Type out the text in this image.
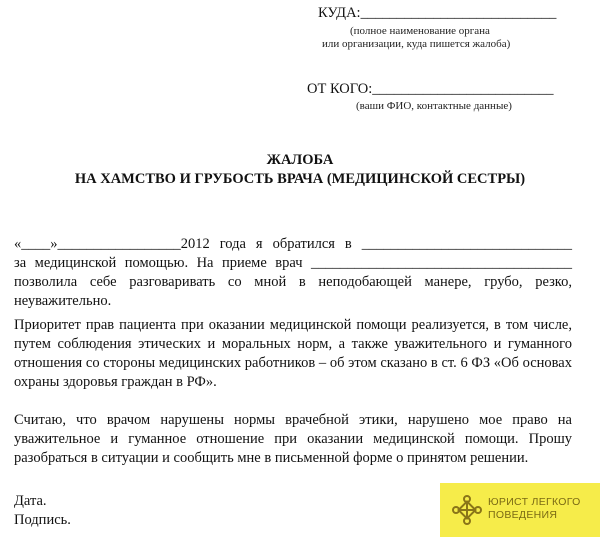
КУДА:___________________________
(полное наименование органа
или организации, куда пишется жалоба)
ОТ КОГО:_________________________
(ваши ФИО, контактные данные)
ЖАЛОБА
НА ХАМСТВО И ГРУБОСТЬ ВРАЧА (МЕДИЦИНСКОЙ СЕСТРЫ)
«____»_________________2012 года я обратился в _____________________________
за медицинской помощью. На приеме врач ____________________________________
позволила себе разговаривать со мной в неподобающей манере, грубо, резко,
неуважительно.
Приоритет прав пациента при оказании медицинской помощи реализуется, в том числе,
путем соблюдения этических и моральных норм, а также уважительного и гуманного
отношения со стороны медицинских работников – об этом сказано в ст. 6 ФЗ «Об основах
охраны здоровья граждан в РФ».
Считаю, что врачом нарушены нормы врачебной этики, нарушено мое право на
уважительное и гуманное отношение при оказании медицинской помощи. Прошу
разобраться в ситуации и сообщить мне в письменной форме о принятом решении.
Дата.
Подпись.
ЮРИСТ ЛЕГКОГО
ПОВЕДЕНИЯ
